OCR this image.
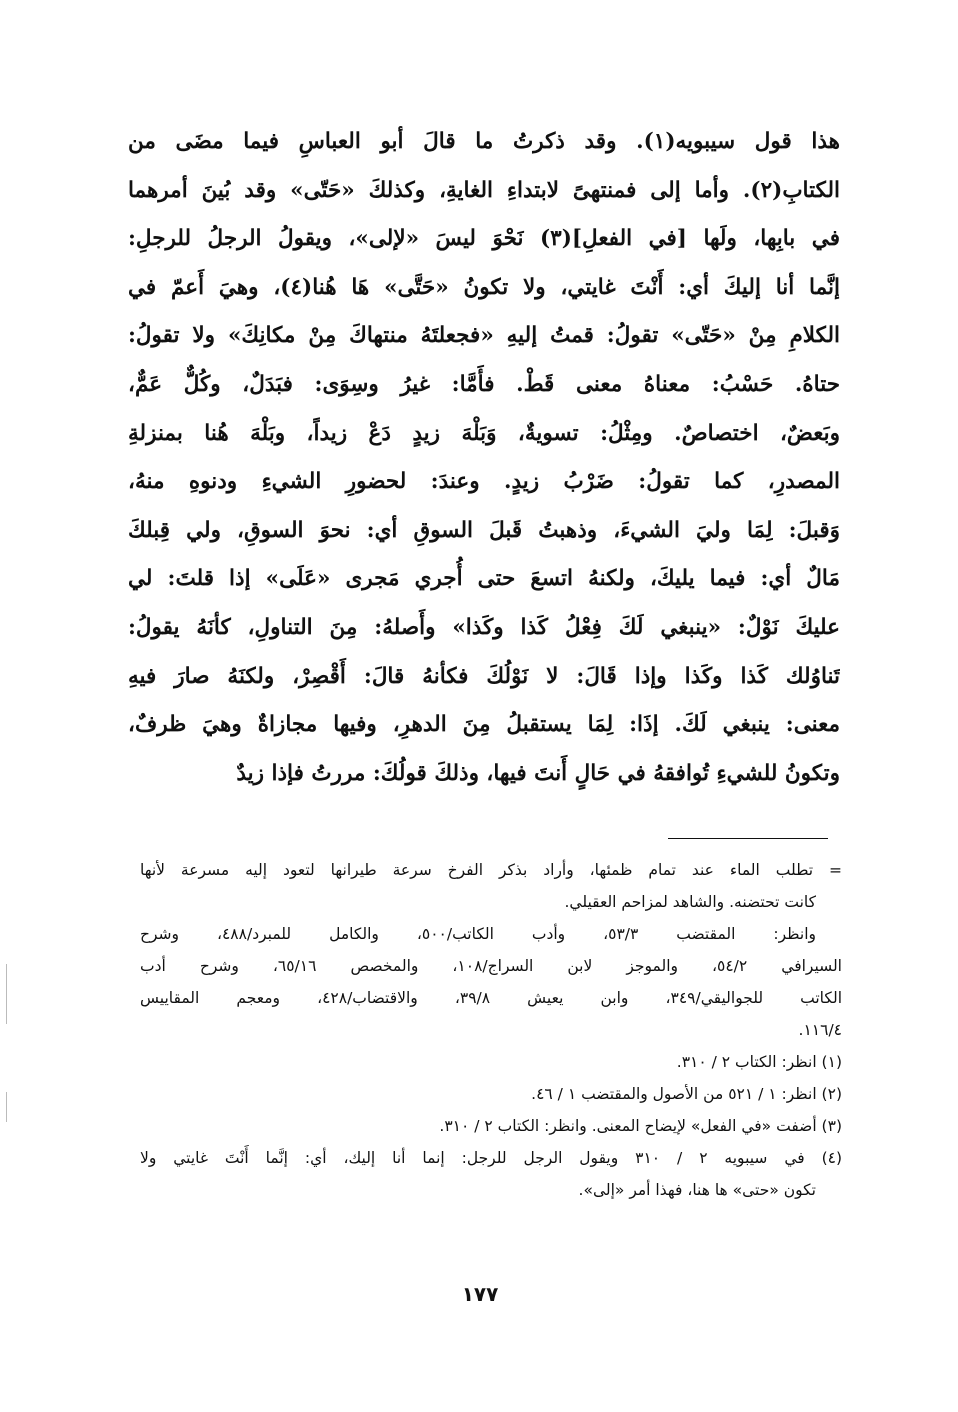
هذا قول سيبويه(١). وقد ذكرتُ ما قالَ أبو العباسِ فيما مضَى من
الكتابِ(٢). وأما إلى فمنتهىً لابتداءِ الغايةِ، وكذلكَ «حَتّى» وقد بُينَ أمرهما
في بابِها، ولَها [في الفعلِ](٣) نَحْوَ ليسَ «لإلى»، ويقولُ الرجلُ للرجلِ:
إنَّما أنا إليكَ أي: أَنْتَ غايتي، ولا تكونُ «حَتَّى» هَا هُنا(٤)، وهيَ أَعمّ في
الكلامِ مِنْ «حَتّى» تقولُ: قمتُ إليهِ «فجعلتَهُ منتهاكَ مِنْ مكانِكَ» ولا تقولُ:
حتاهُ. حَسْبُ: معناهُ معنى قَطْ. فأَمَّا: غيرُ وسِوَى: فبَدَلٌ، وكُلٌّ عَمٌّ،
وبَعضٌ، اختصاصٌ. ومِثْلُ: تسويةٌ، وَبَلْهَ زيدٍ دَعْ زيداً، وبَلْهَ هُنا بمنزلةِ
المصدرِ، كما تقولُ: ضَرْبُ زيدٍ. وعندَ: لحضورِ الشيءِ ودنوهِ منهُ،
وَقبلَ: لِمَا وليَ الشيءَ، وذهبتُ قَبلَ السوقِ أي: نحوَ السوقِ، ولي قِبلكَ
مَالٌ أي: فيما يليكَ، ولكنهُ اتسعَ حتى أُجري مَجرى «عَلَى» إذا قلتَ: لي
عليكَ نَوْلٌ: «ينبغي لَكَ فِعْلُ كَذا وكَذا» وأَصلهُ: مِنَ التناولِ، كأنَهُ يقولُ:
تَناوُلك كَذا وكَذا وإذا قَالَ: لا نَوْلُكَ فكأنهُ قالَ: أَقْصِرْ، ولكنَهُ صارَ فيهِ
معنى: ينبغي لَكَ. إذَا: لِمَا يستقبلُ مِنَ الدهرِ، وفيها مجازاةٌ وهيَ ظرفٌ،
وتكونُ للشيءِ تُوافقهُ في حَالٍ أَنتَ فيها، وذلكَ قولُكَ: مررتُ فإذا زيدٌ
= تطلب الماء عند تمام ظمئها، وأراد بذكر الفرخ سرعة طيرانها لتعود إليه مسرعة لأنها
كانت تحتضنه. والشاهد لمزاحم العقيلي.
وانظر: المقتضب ٥٣/٣، وأدب الكاتب/٥٠٠، والكامل للمبرد/٤٨٨، وشرح
السيرافي ٥٤/٢، والموجز لابن السراج/١٠٨، والمخصص ٦٥/١٦، وشرح أدب
الكاتب للجواليقي/٣٤٩، وابن يعيش ٣٩/٨، والاقتضاب/٤٢٨، ومعجم المقاييس
١١٦/٤.
(١) انظر: الكتاب ٢ / ٣١٠.
(٢) انظر: ١ / ٥٢١ من الأصول والمقتضب ١ / ٤٦.
(٣) أضفت «في الفعل» لإيضاح المعنى. وانظر: الكتاب ٢ / ٣١٠.
(٤) في سيبويه ٢ / ٣١٠ ويقول الرجل للرجل: إنما أنا إليك، أي: إنَّما أَنْتَ غايتي ولا
تكون «حتى» ها هنا، فهذا أمر «إلى».
١٧٧
